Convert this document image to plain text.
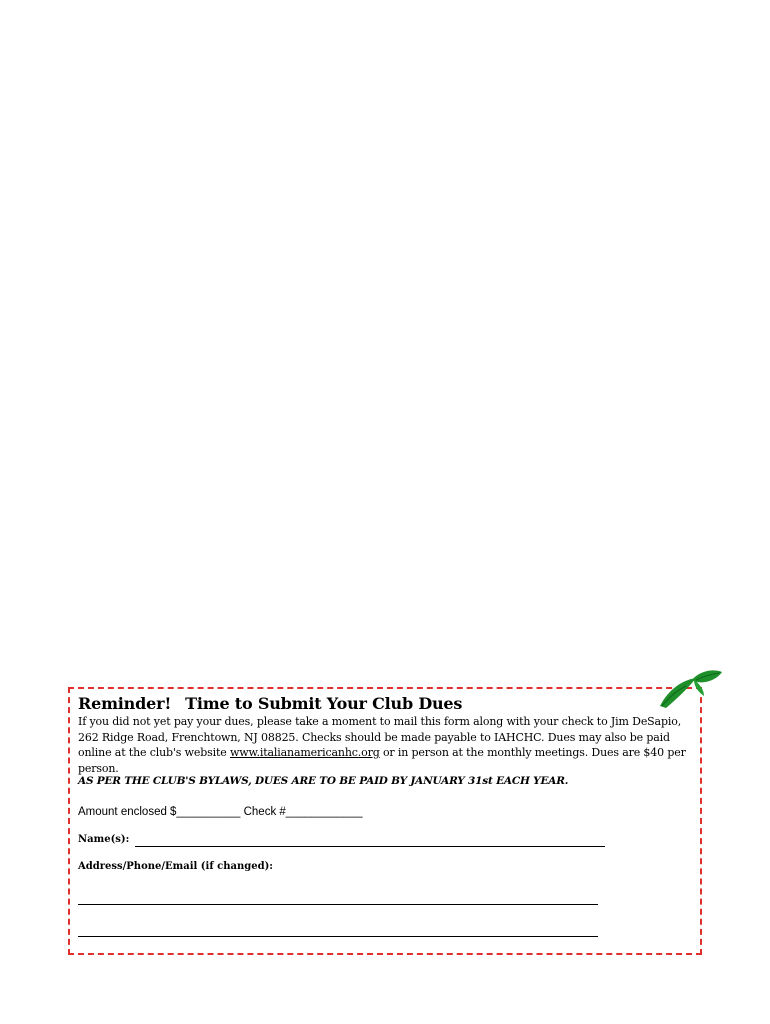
Reminder! Time to Submit Your Club Dues

If you did not yet pay your dues, please take a moment to mail this form along with your check to Jim DeSapio, 262 Ridge Road, Frenchtown, NJ 08825. Checks should be made payable to IAHCHC. Dues may also be paid online at the club's website www.italianamericanhc.org or in person at the monthly meetings. Dues are $40 per person.

AS PER THE CLUB'S BYLAWS, DUES ARE TO BE PAID BY JANUARY 31st EACH YEAR.

Amount enclosed $__________ Check #____________

Name(s):

Address/Phone/Email (if changed):
